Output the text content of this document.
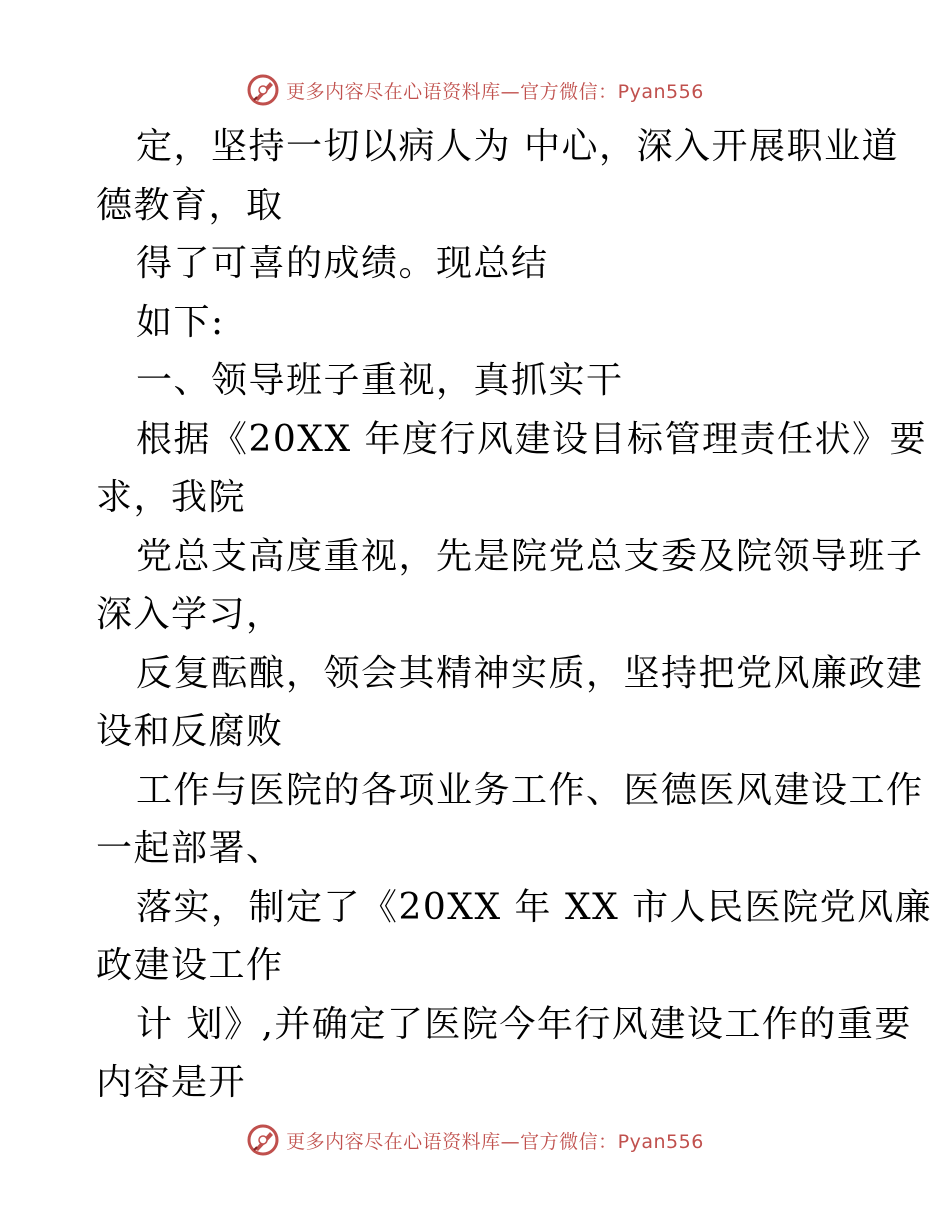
更多内容尽在心语资料库—官方微信：Pyan556
定，坚持一切以病人为 中心，深入开展职业道
德教育，取
得了可喜的成绩。现总结
如下:
一、领导班子重视，真抓实干
根据《20XX 年度行风建设目标管理责任状》要
求，我院
党总支高度重视，先是院党总支委及院领导班子
深入学习，
反复酝酿，领会其精神实质，坚持把党风廉政建
设和反腐败
工作与医院的各项业务工作、医德医风建设工作
一起部署、
落实，制定了《20XX 年 XX 市人民医院党风廉
政建设工作
计 划》,并确定了医院今年行风建设工作的重要
内容是开
更多内容尽在心语资料库—官方微信：Pyan556
